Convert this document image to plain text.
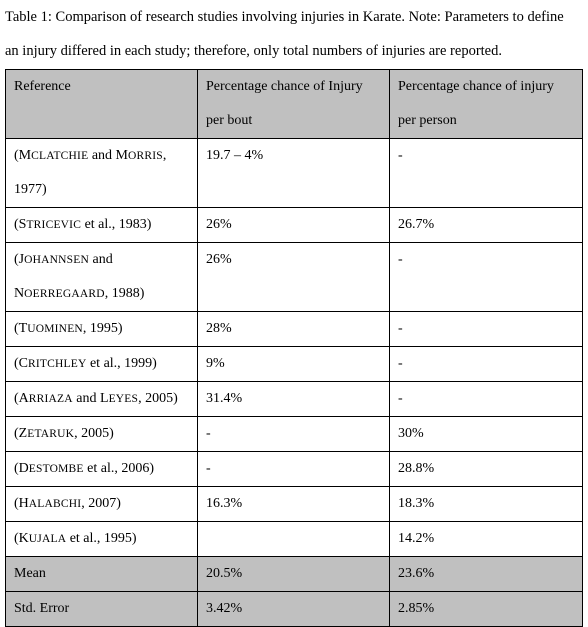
Table 1: Comparison of research studies involving injuries in Karate. Note: Parameters to define
an injury differed in each study; therefore, only total numbers of injuries are reported.
Reference	Percentage chance of Injury per bout	Percentage chance of injury per person
(MCLATCHIE and MORRIS, 1977)	19.7 – 4%	-
(STRICEVIC et al., 1983)	26%	26.7%
(JOHANNSEN and NOERREGAARD, 1988)	26%	-
(TUOMINEN, 1995)	28%	-
(CRITCHLEY et al., 1999)	9%	-
(ARRIAZA and LEYES, 2005)	31.4%	-
(ZETARUK, 2005)	-	30%
(DESTOMBE et al., 2006)	-	28.8%
(HALABCHI, 2007)	16.3%	18.3%
(KUJALA et al., 1995)		14.2%
Mean	20.5%	23.6%
Std. Error	3.42%	2.85%
